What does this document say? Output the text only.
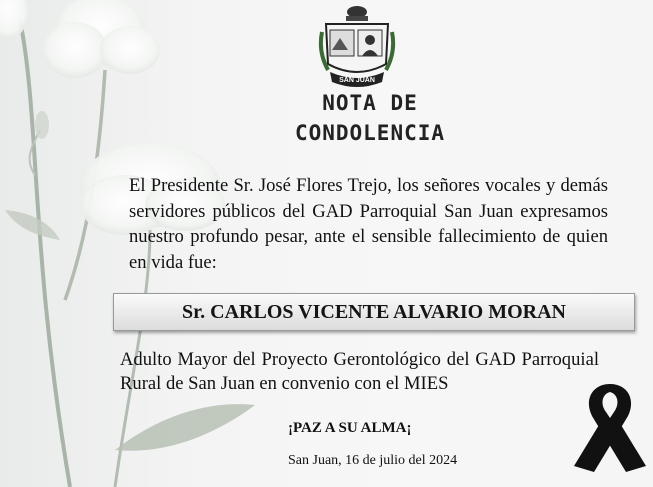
SAN JUAN
NOTA DE
CONDOLENCIA
El Presidente Sr. José Flores Trejo, los señores vocales y demás servidores públicos del GAD Parroquial San Juan expresamos nuestro profundo pesar, ante el sensible fallecimiento de quien en vida fue:
Sr. CARLOS VICENTE ALVARIO MORAN
Adulto Mayor del Proyecto Gerontológico del GAD Parroquial Rural de San Juan en convenio con el MIES
¡PAZ A SU ALMA¡
San Juan, 16 de julio del 2024
